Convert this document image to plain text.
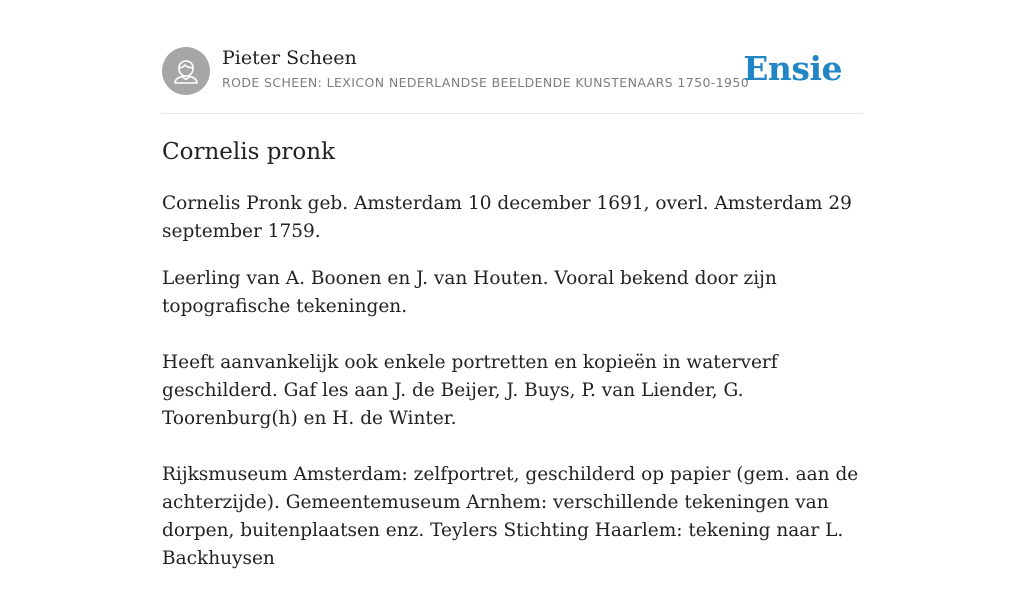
Pieter Scheen
RODE SCHEEN: LEXICON NEDERLANDSE BEELDENDE KUNSTENAARS 1750-1950
Ensie
Cornelis pronk

Cornelis Pronk geb. Amsterdam 10 december 1691, overl. Amsterdam 29 september 1759.

Leerling van A. Boonen en J. van Houten. Vooral bekend door zijn topografische tekeningen.

Heeft aanvankelijk ook enkele portretten en kopieën in waterverf geschilderd. Gaf les aan J. de Beijer, J. Buys, P. van Liender, G. Toorenburg(h) en H. de Winter.

Rijksmuseum Amsterdam: zelfportret, geschilderd op papier (gem. aan de achterzijde). Gemeentemuseum Arnhem: verschillende tekeningen van dorpen, buitenplaatsen enz. Teylers Stichting Haarlem: tekening naar L. Backhuysen
